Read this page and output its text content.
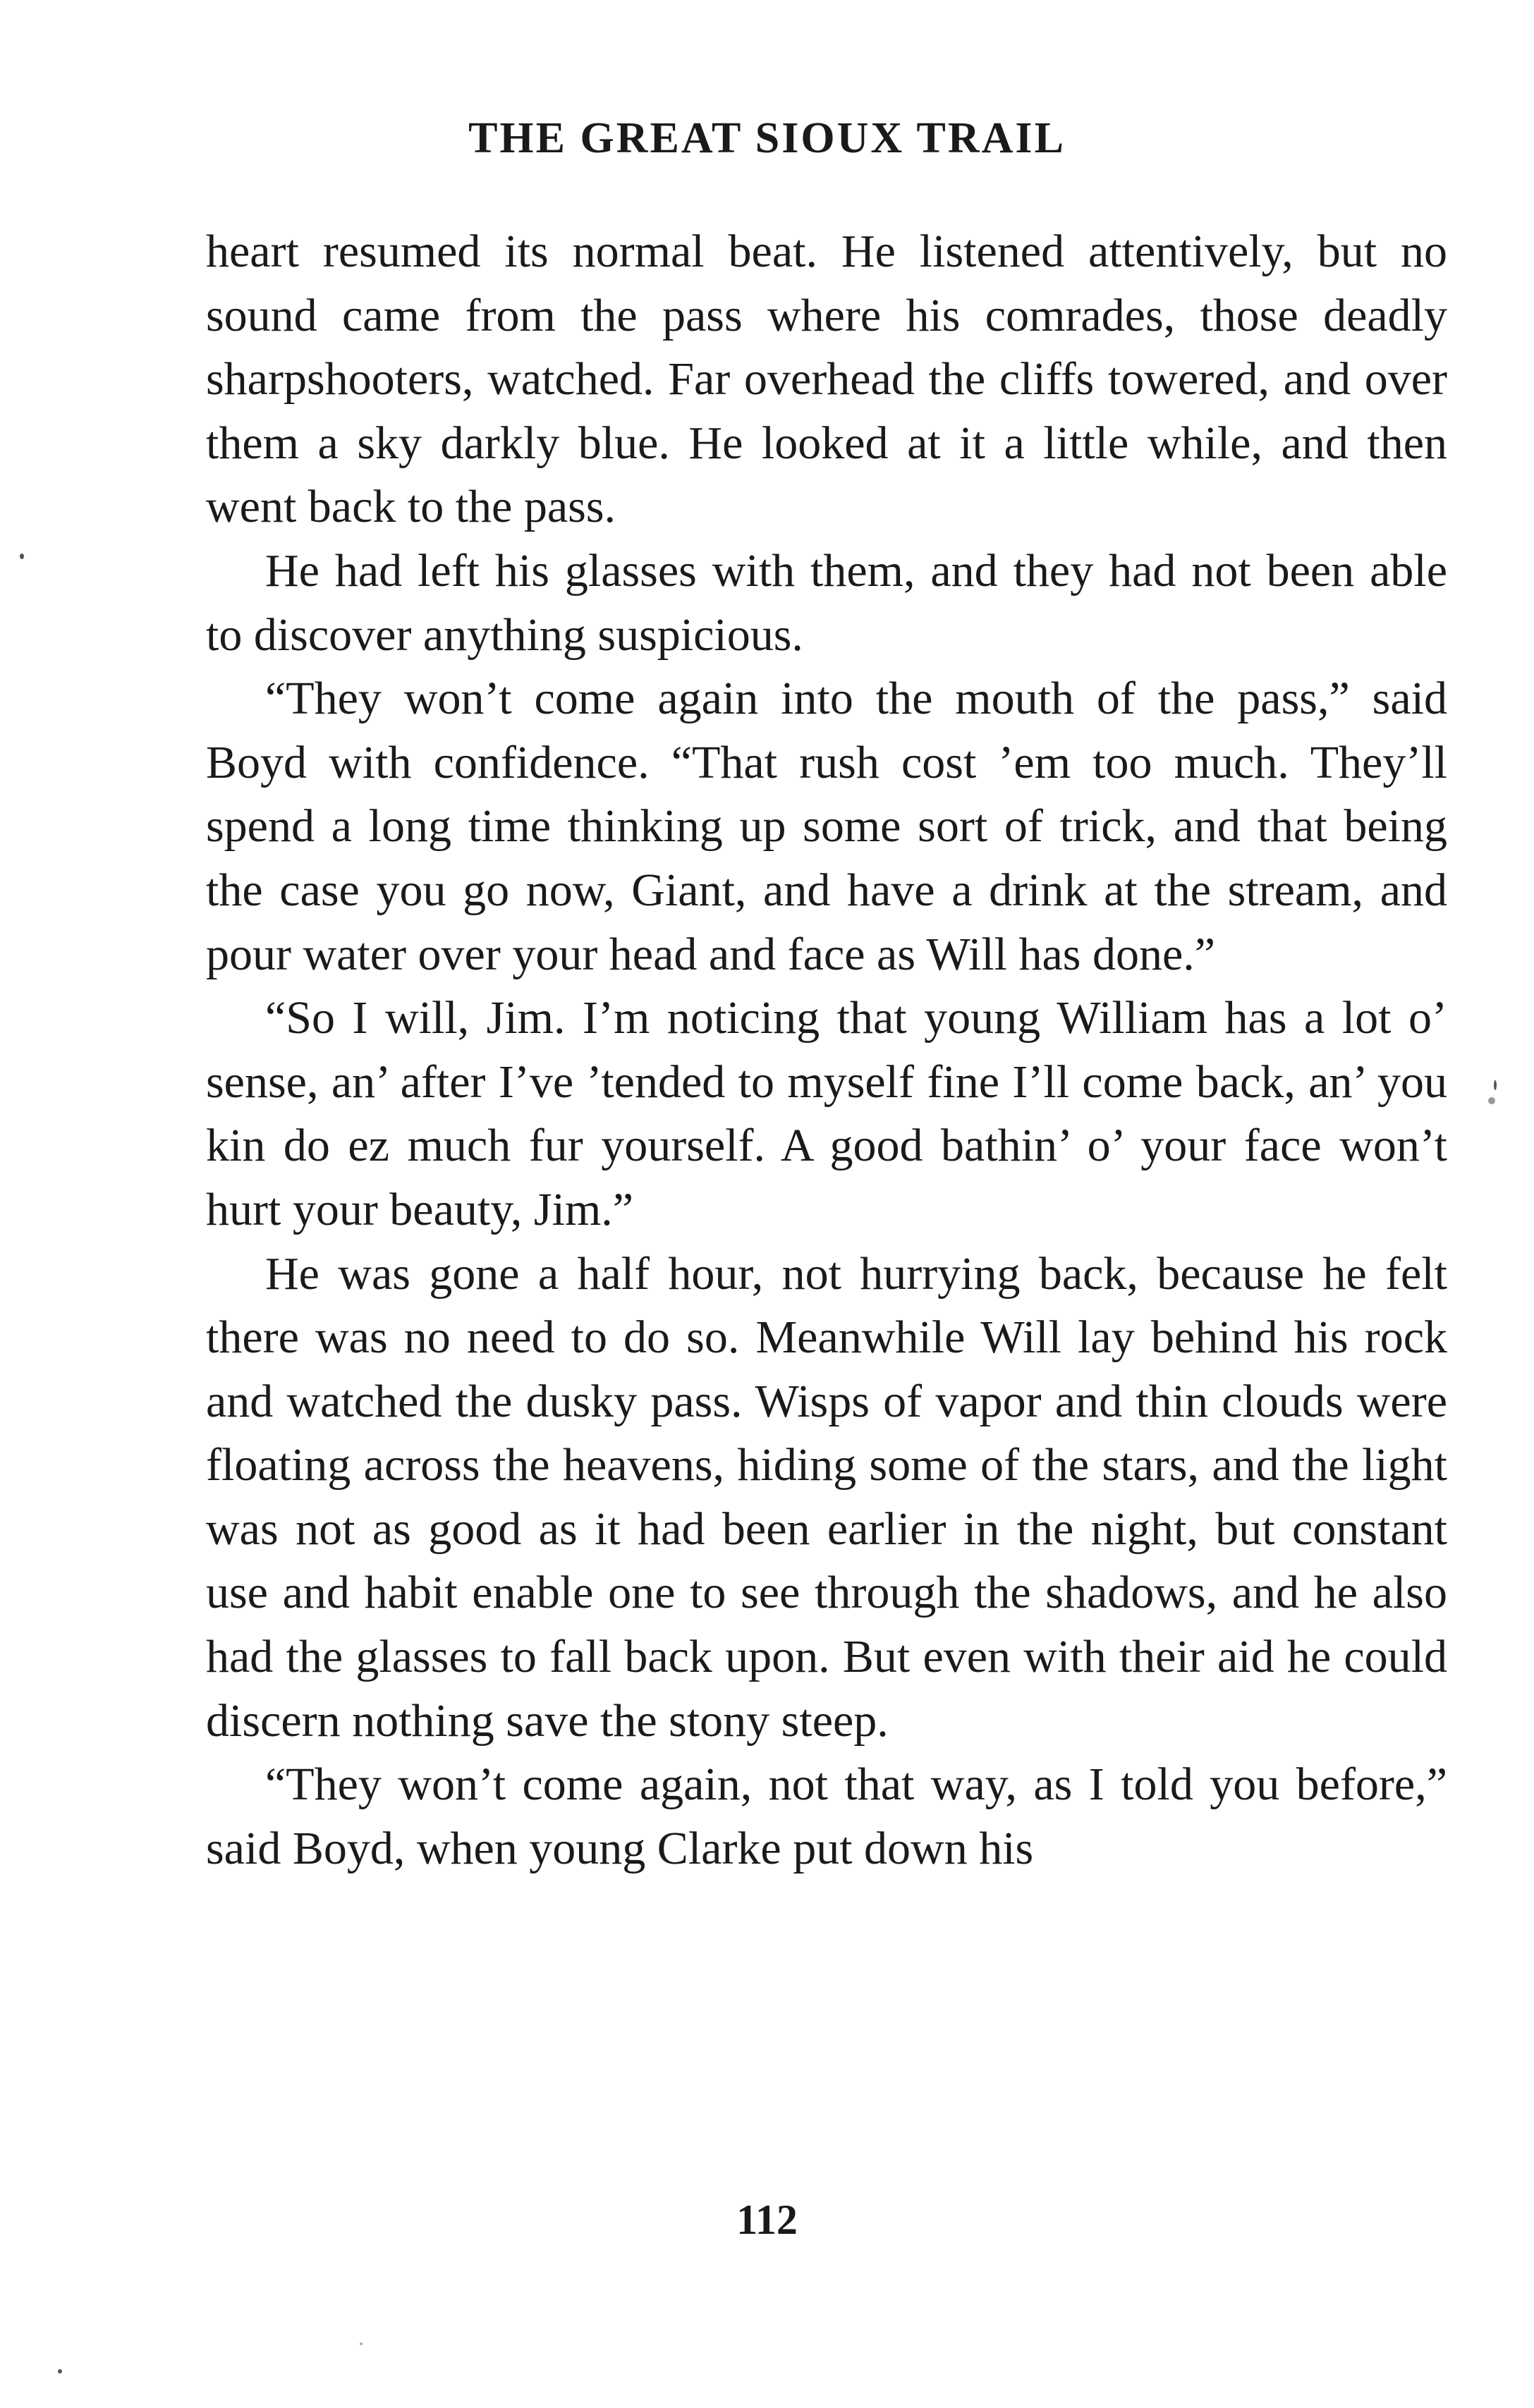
THE GREAT SIOUX TRAIL

heart resumed its normal beat. He listened attentively, but no sound came from the pass where his comrades, those deadly sharpshooters, watched. Far overhead the cliffs towered, and over them a sky darkly blue. He looked at it a little while, and then went back to the pass.

He had left his glasses with them, and they had not been able to discover anything suspicious.

“They won’t come again into the mouth of the pass,” said Boyd with confidence. “That rush cost ’em too much. They’ll spend a long time thinking up some sort of trick, and that being the case you go now, Giant, and have a drink at the stream, and pour water over your head and face as Will has done.”

“So I will, Jim. I’m noticing that young William has a lot o’ sense, an’ after I’ve ’tended to myself fine I’ll come back, an’ you kin do ez much fur yourself. A good bathin’ o’ your face won’t hurt your beauty, Jim.”

He was gone a half hour, not hurrying back, because he felt there was no need to do so. Meanwhile Will lay behind his rock and watched the dusky pass. Wisps of vapor and thin clouds were floating across the heavens, hiding some of the stars, and the light was not as good as it had been earlier in the night, but constant use and habit enable one to see through the shadows, and he also had the glasses to fall back upon. But even with their aid he could discern nothing save the stony steep.

“They won’t come again, not that way, as I told you before,” said Boyd, when young Clarke put down his

112
